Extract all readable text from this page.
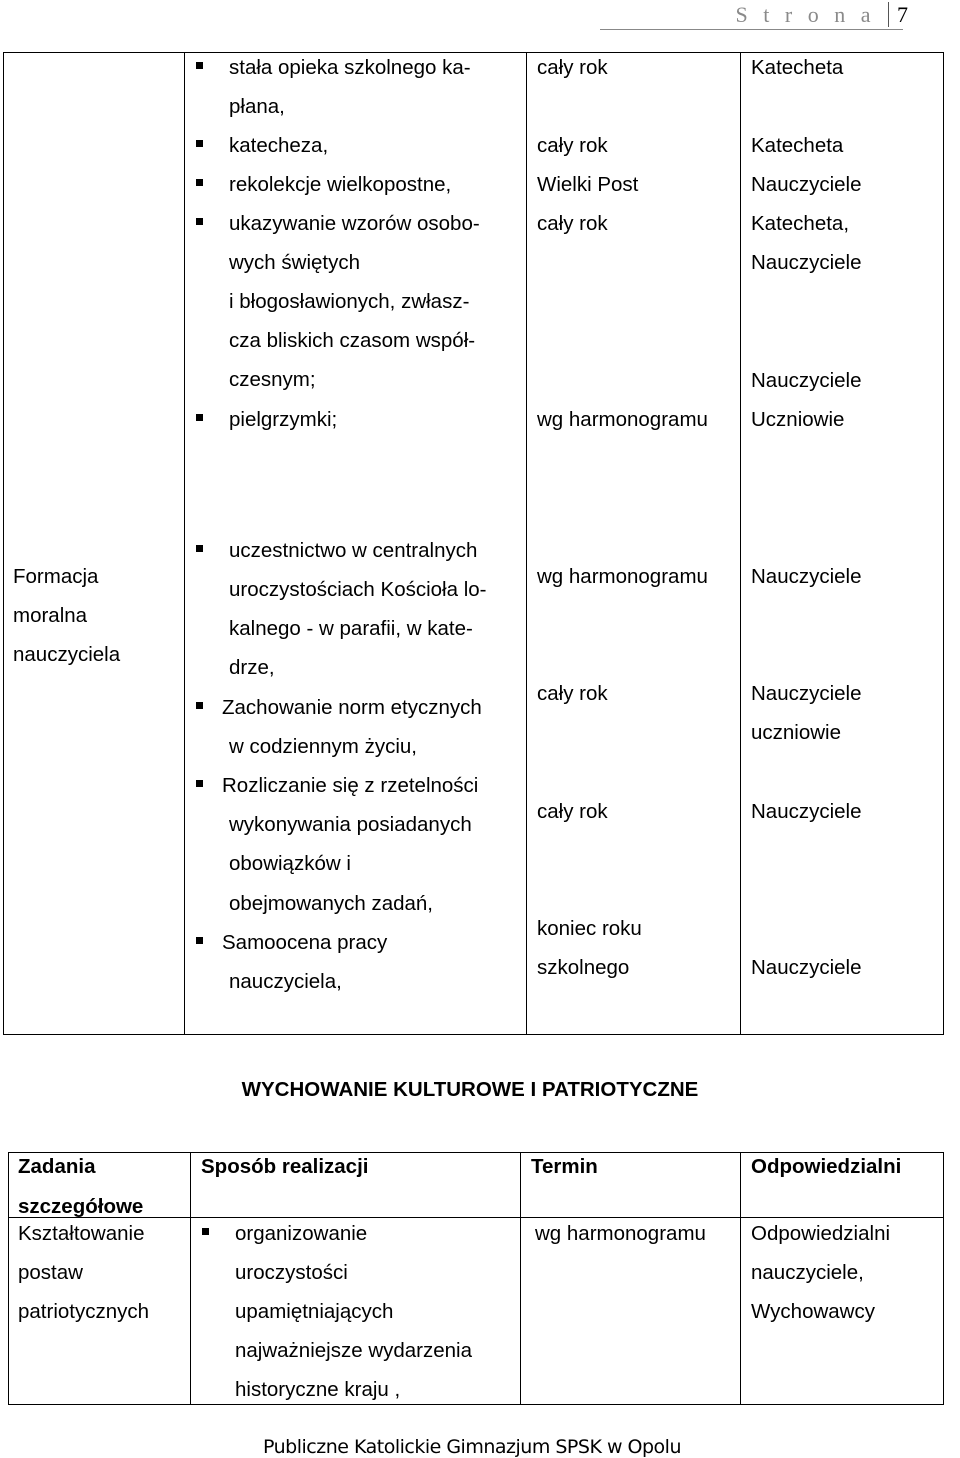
S t r o n a 7
stała opieka szkolnego ka-
płana,
katecheza,
rekolekcje wielkopostne,
ukazywanie wzorów osobo-
wych świętych
i błogosławionych, zwłasz-
cza bliskich czasom współ-
czesnym;
pielgrzymki;
cały rok
cały rok
Wielki Post
cały rok
wg harmonogramu
Katecheta
Katecheta
Nauczyciele
Katecheta,
Nauczyciele
Nauczyciele
Uczniowie
Formacja
moralna
nauczyciela
uczestnictwo w centralnych
uroczystościach Kościoła lo-
kalnego - w parafii, w kate-
drze,
Zachowanie norm etycznych
w codziennym życiu,
Rozliczanie się z rzetelności
wykonywania posiadanych
obowiązków i
obejmowanych zadań,
Samoocena pracy
nauczyciela,
wg harmonogramu
cały rok
cały rok
koniec roku
szkolnego
Nauczyciele
Nauczyciele
uczniowie
Nauczyciele
Nauczyciele
WYCHOWANIE KULTUROWE I PATRIOTYCZNE
Zadania
szczegółowe
Sposób realizacji	Termin	Odpowiedzialni
Kształtowanie
postaw
patriotycznych
organizowanie
uroczystości
upamiętniających
najważniejsze wydarzenia
historyczne kraju ,
wg harmonogramu Odpowiedzialni
nauczyciele,
Wychowawcy
Publiczne Katolickie Gimnazjum SPSK w Opolu
